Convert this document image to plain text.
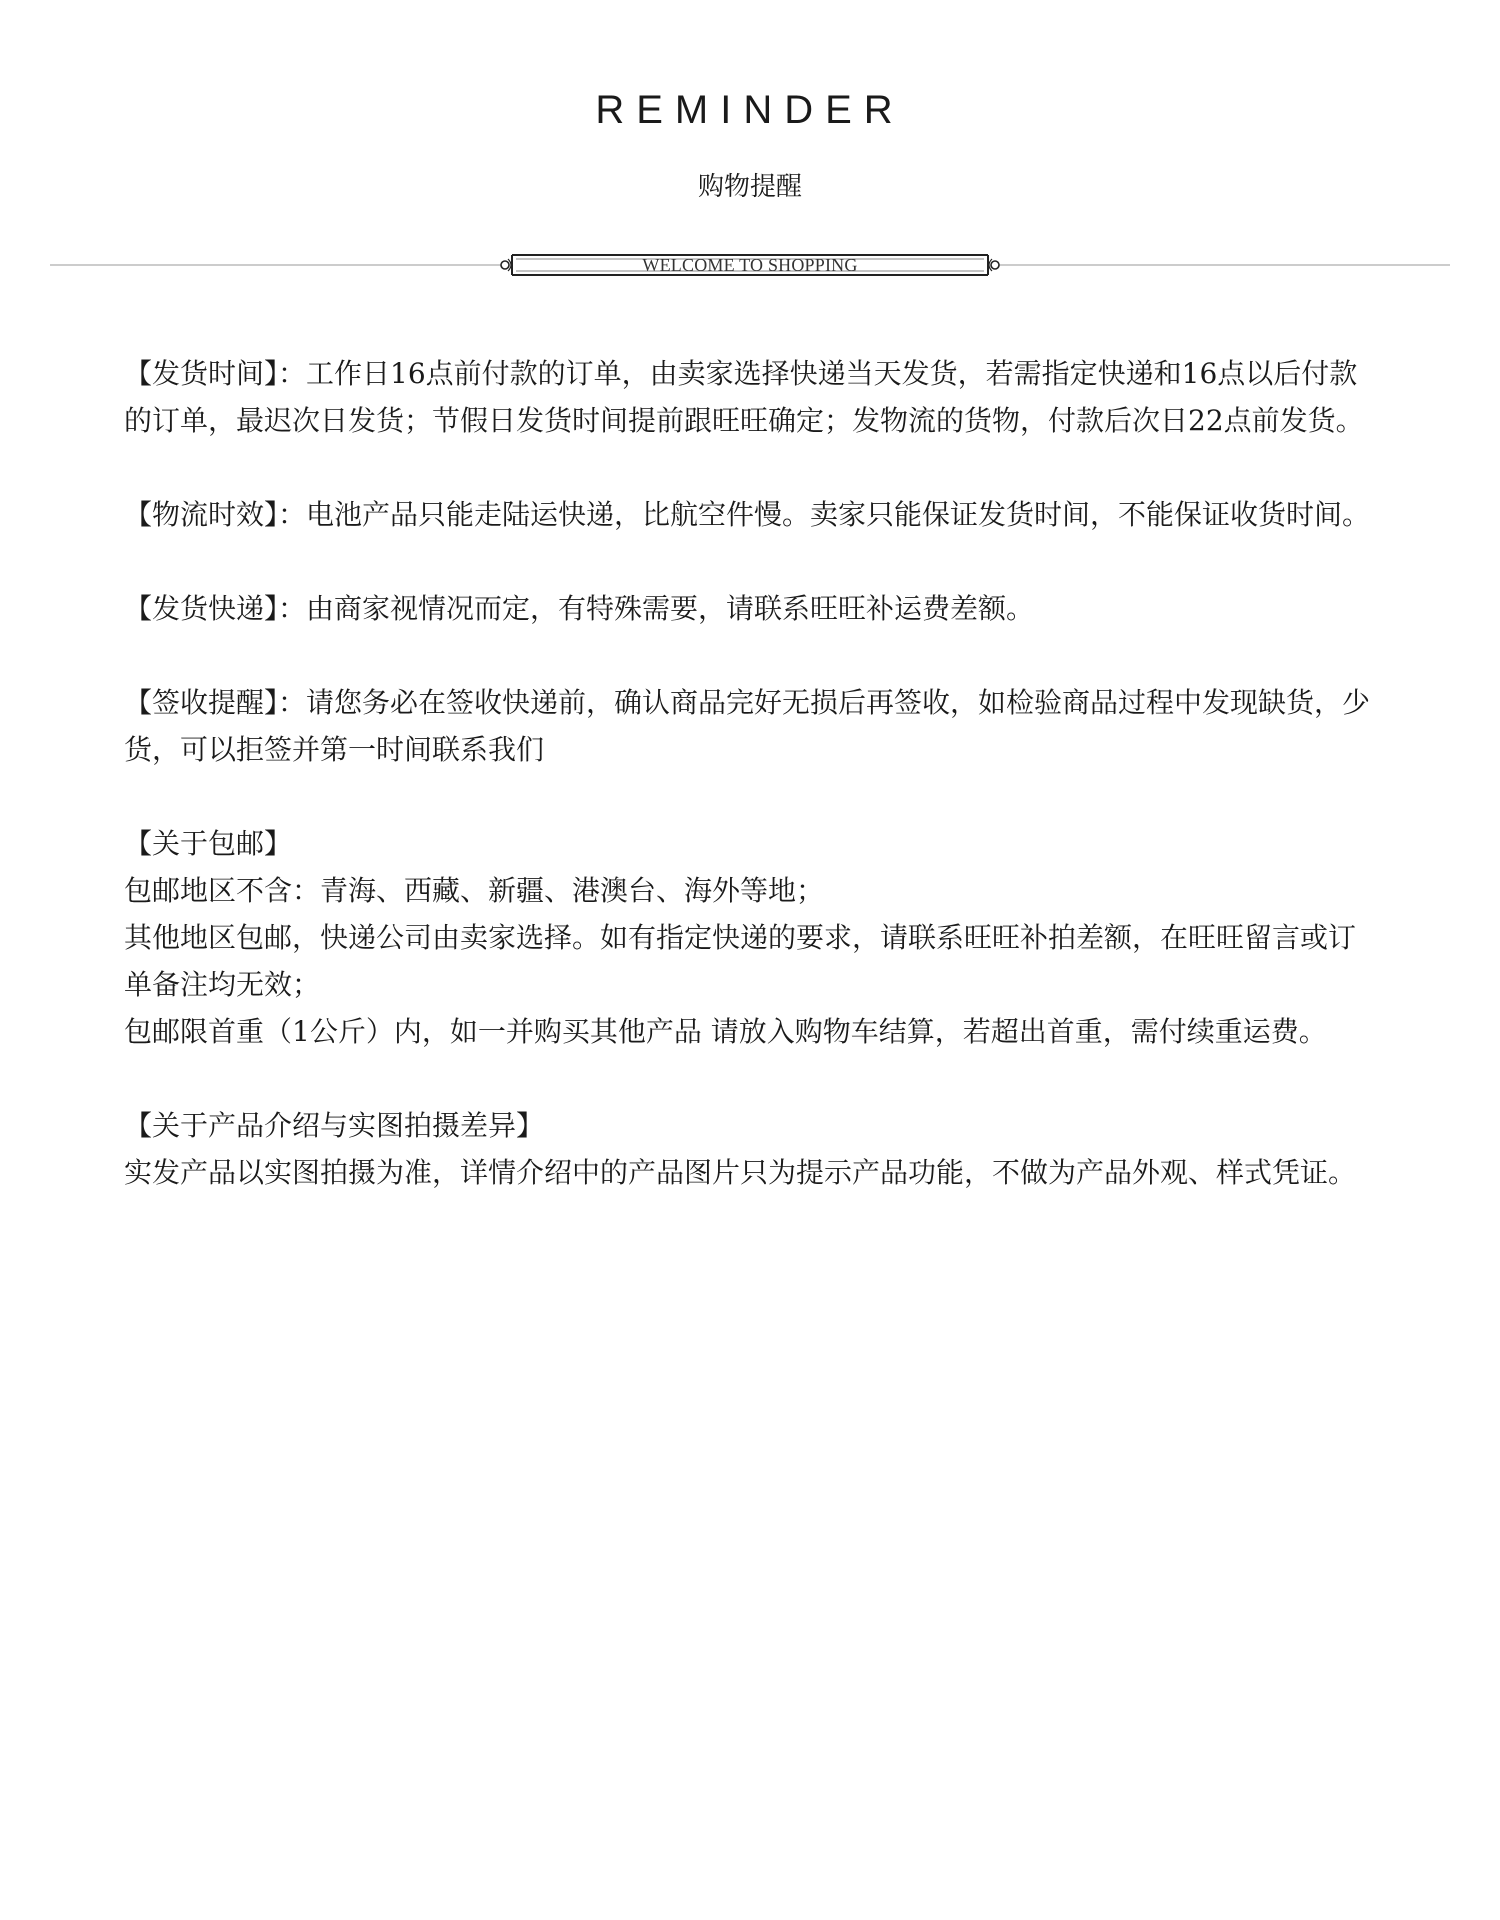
REMINDER
购物提醒
WELCOME TO SHOPPING

【发货时间】：工作日16点前付款的订单，由卖家选择快递当天发货，若需指定快递和16点以后付款的订单，最迟次日发货；节假日发货时间提前跟旺旺确定；发物流的货物，付款后次日22点前发货。

【物流时效】：电池产品只能走陆运快递，比航空件慢。卖家只能保证发货时间，不能保证收货时间。

【发货快递】：由商家视情况而定，有特殊需要，请联系旺旺补运费差额。

【签收提醒】：请您务必在签收快递前，确认商品完好无损后再签收，如检验商品过程中发现缺货，少货，可以拒签并第一时间联系我们

【关于包邮】

包邮地区不含：青海、西藏、新疆、港澳台、海外等地；

其他地区包邮，快递公司由卖家选择。如有指定快递的要求，请联系旺旺补拍差额，在旺旺留言或订单备注均无效；

包邮限首重（1公斤）内，如一并购买其他产品 请放入购物车结算，若超出首重，需付续重运费。

【关于产品介绍与实图拍摄差异】

实发产品以实图拍摄为准，详情介绍中的产品图片只为提示产品功能，不做为产品外观、样式凭证。
